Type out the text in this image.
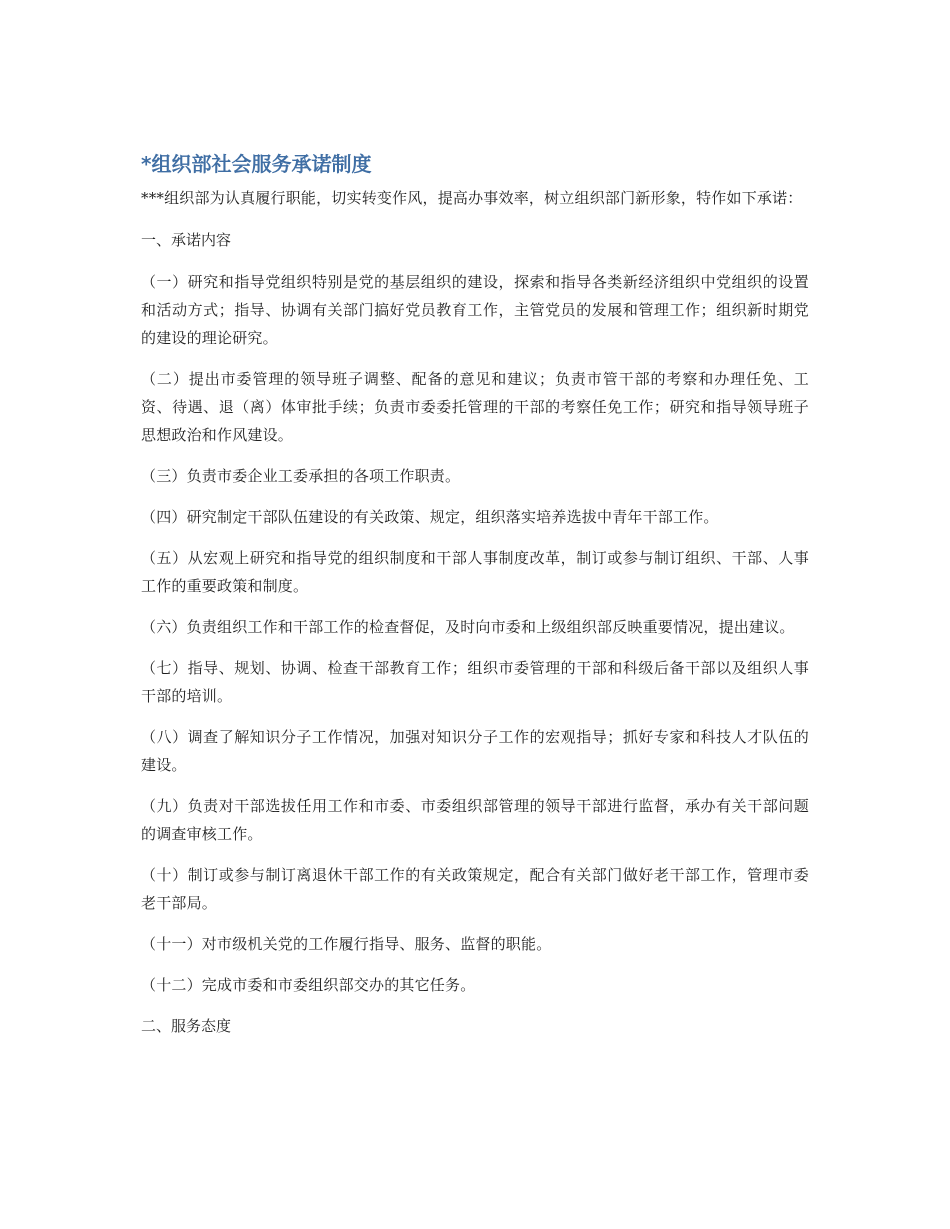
*组织部社会服务承诺制度

***组织部为认真履行职能，切实转变作风，提高办事效率，树立组织部门新形象，特作如下承诺：

一、承诺内容

（一）研究和指导党组织特别是党的基层组织的建设，探索和指导各类新经济组织中党组织的设置和活动方式；指导、协调有关部门搞好党员教育工作，主管党员的发展和管理工作；组织新时期党的建设的理论研究。

（二）提出市委管理的领导班子调整、配备的意见和建议；负责市管干部的考察和办理任免、工资、待遇、退（离）体审批手续；负责市委委托管理的干部的考察任免工作；研究和指导领导班子思想政治和作风建设。

（三）负责市委企业工委承担的各项工作职责。

（四）研究制定干部队伍建设的有关政策、规定，组织落实培养选拔中青年干部工作。

（五）从宏观上研究和指导党的组织制度和干部人事制度改革，制订或参与制订组织、干部、人事工作的重要政策和制度。

（六）负责组织工作和干部工作的检查督促，及时向市委和上级组织部反映重要情况，提出建议。

（七）指导、规划、协调、检查干部教育工作；组织市委管理的干部和科级后备干部以及组织人事干部的培训。

（八）调查了解知识分子工作情况，加强对知识分子工作的宏观指导；抓好专家和科技人才队伍的建设。

（九）负责对干部选拔任用工作和市委、市委组织部管理的领导干部进行监督，承办有关干部问题的调查审核工作。

（十）制订或参与制订离退休干部工作的有关政策规定，配合有关部门做好老干部工作，管理市委老干部局。

（十一）对市级机关党的工作履行指导、服务、监督的职能。

（十二）完成市委和市委组织部交办的其它任务。

二、服务态度
